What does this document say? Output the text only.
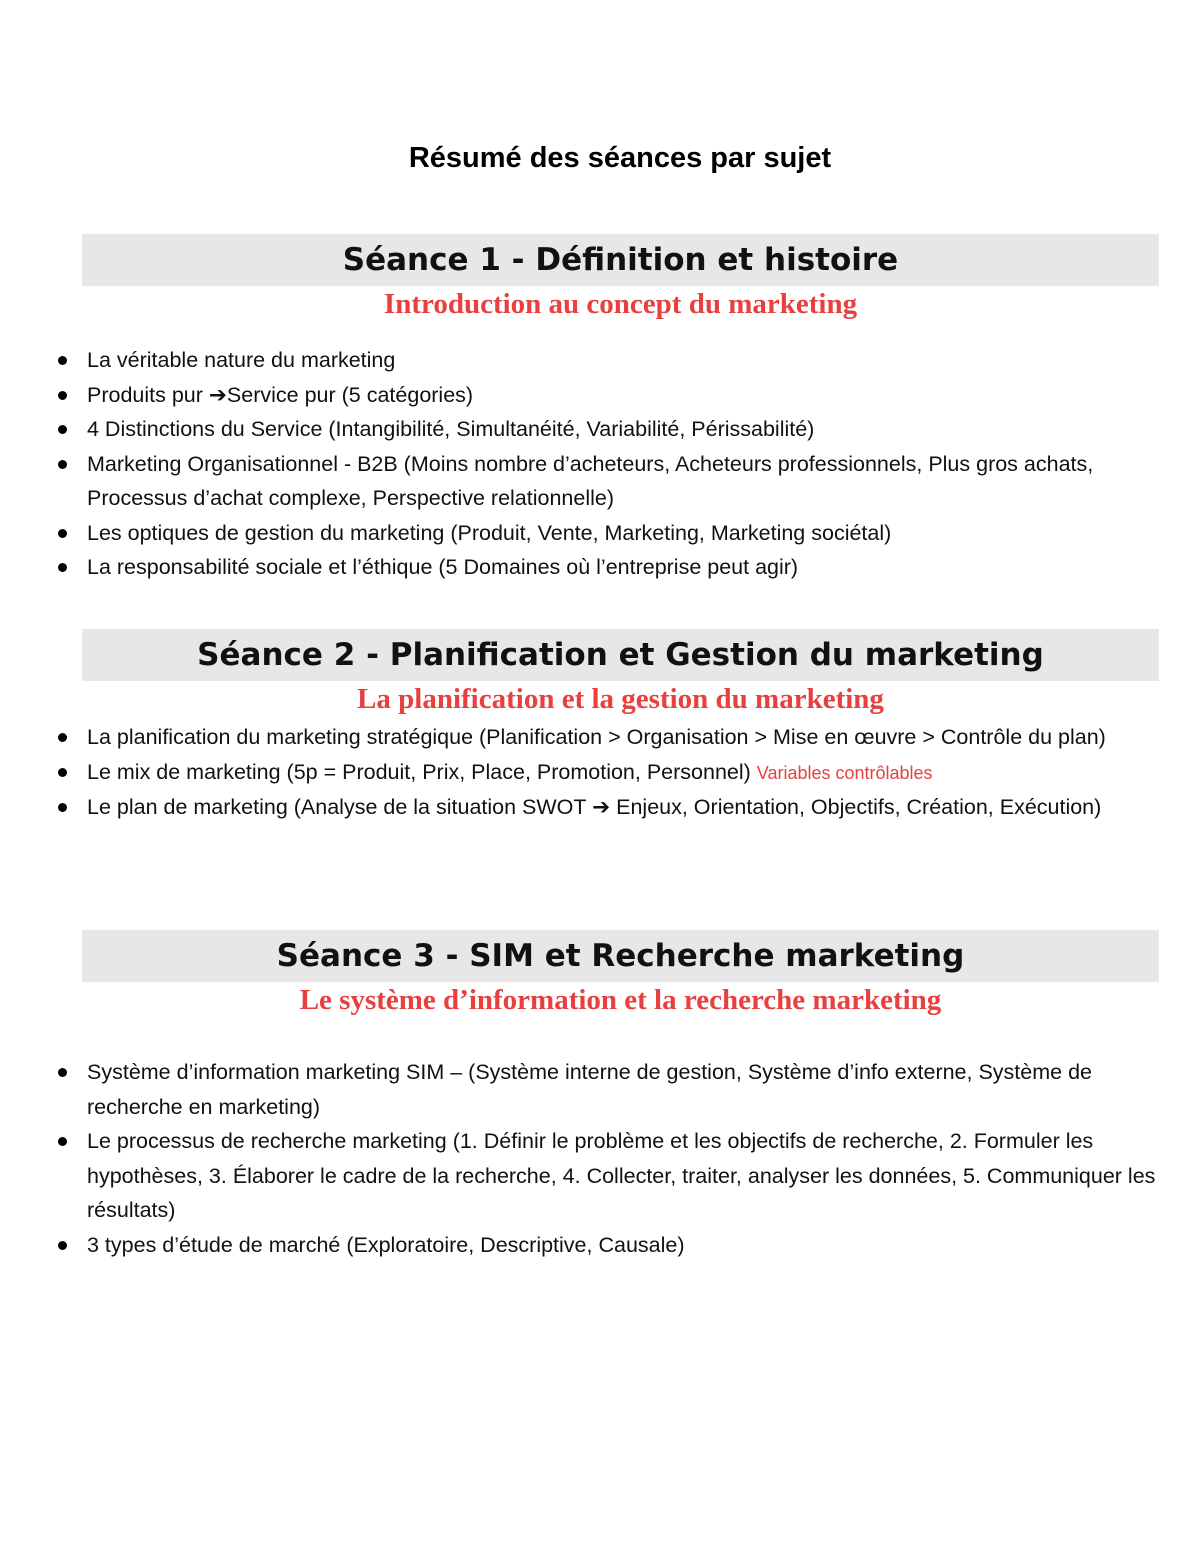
Résumé des séances par sujet
Séance 1 - Définition et histoire
Introduction au concept du marketing
La véritable nature du marketing
Produits pur ➔Service pur (5 catégories)
4 Distinctions du Service (Intangibilité, Simultanéité, Variabilité, Périssabilité)
Marketing Organisationnel - B2B (Moins nombre d’acheteurs, Acheteurs professionnels, Plus gros achats, Processus d’achat complexe, Perspective relationnelle)
Les optiques de gestion du marketing (Produit, Vente, Marketing, Marketing sociétal)
La responsabilité sociale et l’éthique (5 Domaines où l’entreprise peut agir)
Séance 2 - Planification et Gestion du marketing
La planification et la gestion du marketing
La planification du marketing stratégique (Planification > Organisation > Mise en œuvre > Contrôle du plan)
Le mix de marketing (5p = Produit, Prix, Place, Promotion, Personnel) Variables contrôlables
Le plan de marketing (Analyse de la situation SWOT ➔ Enjeux, Orientation, Objectifs, Création, Exécution)
Séance 3 - SIM et Recherche marketing
Le système d’information et la recherche marketing
Système d’information marketing SIM – (Système interne de gestion, Système d’info externe, Système de recherche en marketing)
Le processus de recherche marketing (1. Définir le problème et les objectifs de recherche, 2. Formuler les hypothèses, 3. Élaborer le cadre de la recherche, 4. Collecter, traiter, analyser les données, 5. Communiquer les résultats)
3 types d’étude de marché (Exploratoire, Descriptive, Causale)
